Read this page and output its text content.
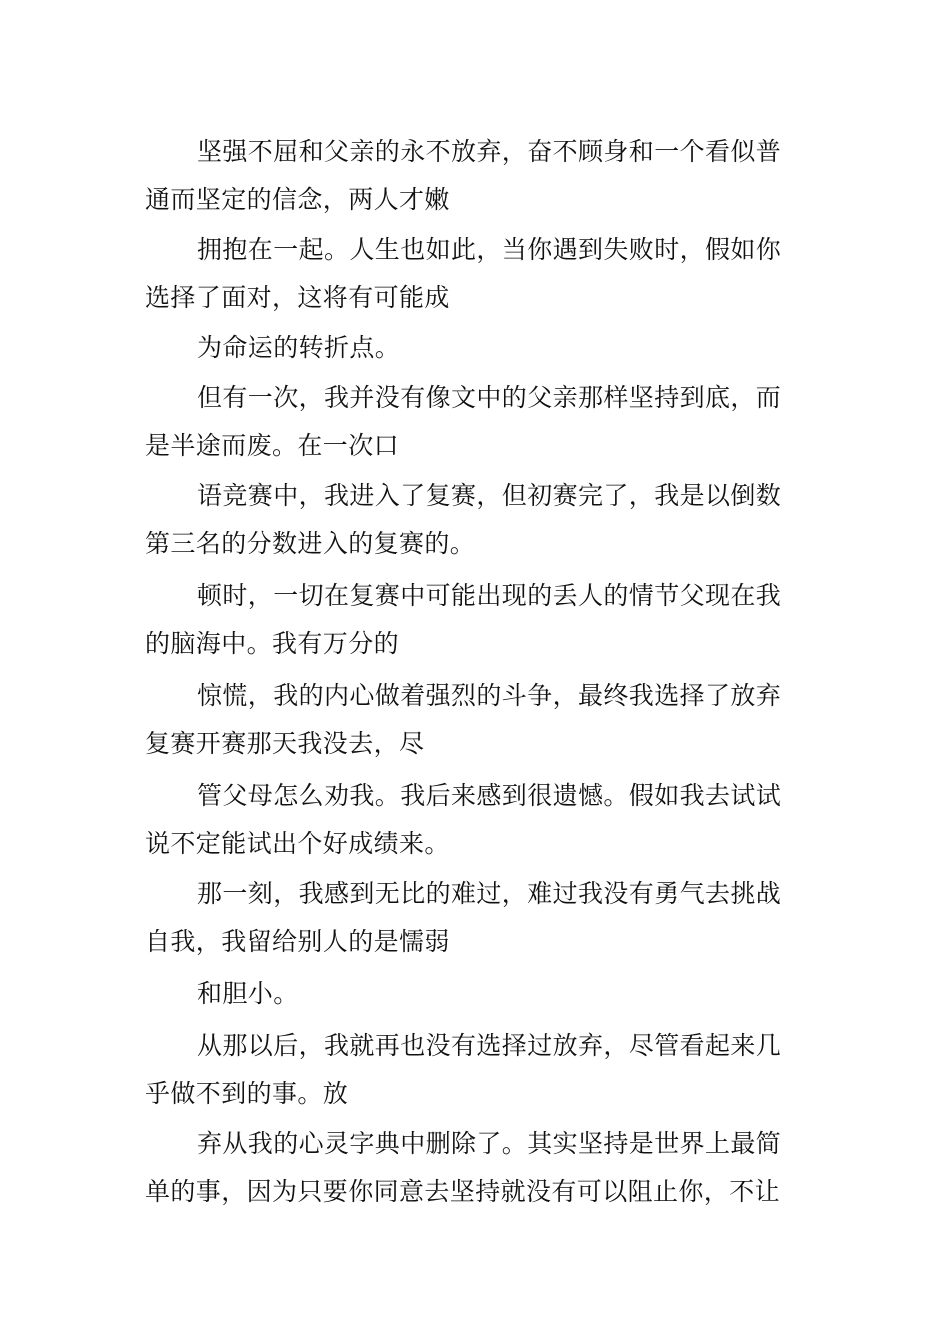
坚强不屈和父亲的永不放弃，奋不顾身和一个看似普
通而坚定的信念，两人才嫩

拥抱在一起。人生也如此，当你遇到失败时，假如你
选择了面对，这将有可能成

为命运的转折点。

但有一次，我并没有像文中的父亲那样坚持到底，而
是半途而废。在一次口

语竞赛中，我进入了复赛，但初赛完了，我是以倒数
第三名的分数进入的复赛的。

顿时，一切在复赛中可能出现的丢人的情节父现在我
的脑海中。我有万分的

惊慌，我的内心做着强烈的斗争，最终我选择了放弃
复赛开赛那天我没去，尽

管父母怎么劝我。我后来感到很遗憾。假如我去试试
说不定能试出个好成绩来。

那一刻，我感到无比的难过，难过我没有勇气去挑战
自我，我留给别人的是懦弱

和胆小。

从那以后，我就再也没有选择过放弃，尽管看起来几
乎做不到的事。放

弃从我的心灵字典中删除了。其实坚持是世界上最简
单的事，因为只要你同意去坚持就没有可以阻止你，不让
